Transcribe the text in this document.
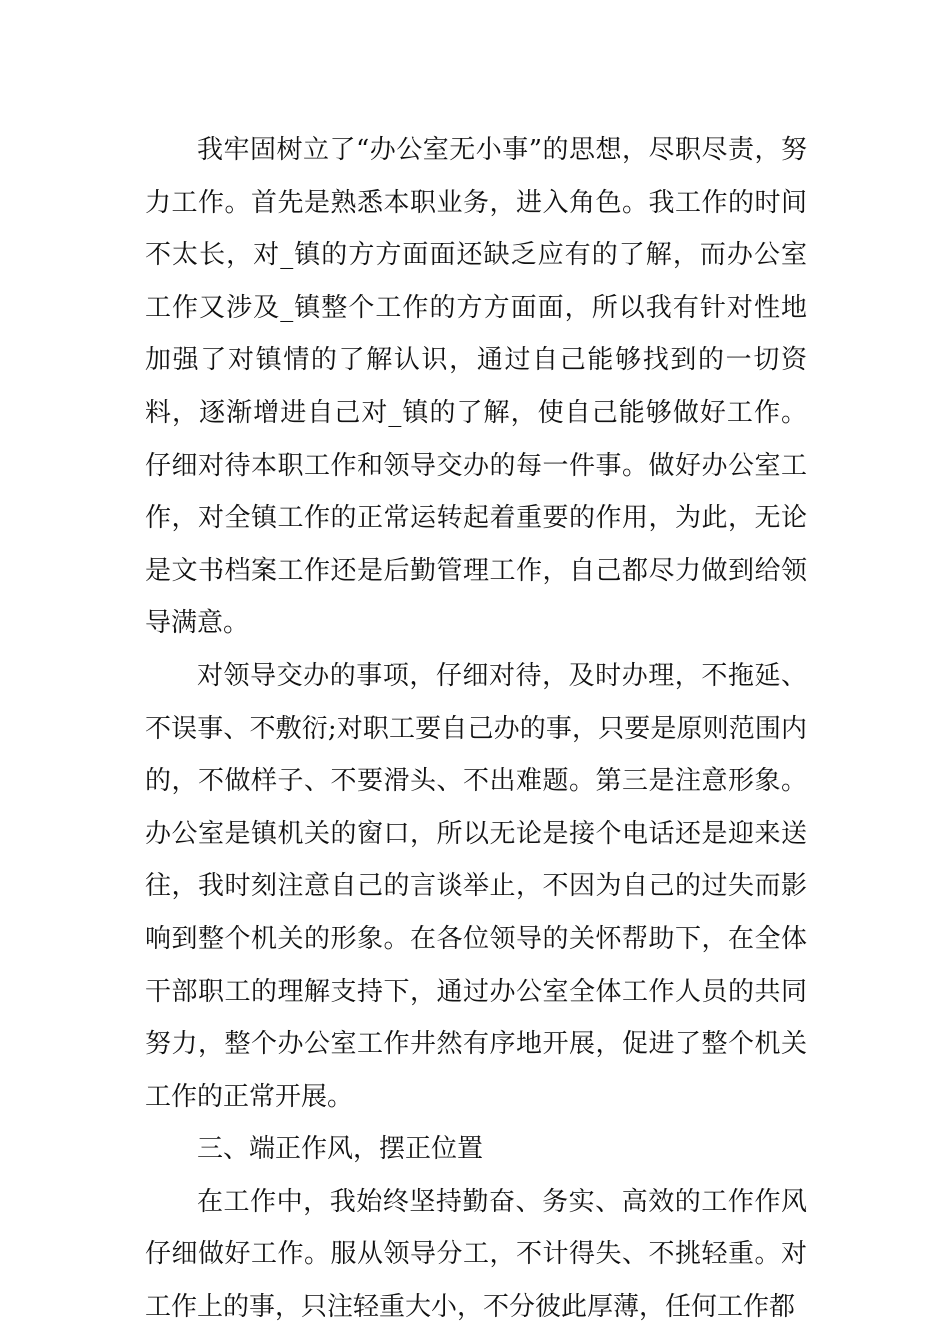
我牢固树立了“办公室无小事”的思想，尽职尽责，努力工作。首先是熟悉本职业务，进入角色。我工作的时间不太长，对_镇的方方面面还缺乏应有的了解，而办公室工作又涉及_镇整个工作的方方面面，所以我有针对性地加强了对镇情的了解认识，通过自己能够找到的一切资料，逐渐增进自己对_镇的了解，使自己能够做好工作。仔细对待本职工作和领导交办的每一件事。做好办公室工作，对全镇工作的正常运转起着重要的作用，为此，无论是文书档案工作还是后勤管理工作，自己都尽力做到给领导满意。

对领导交办的事项，仔细对待，及时办理，不拖延、不误事、不敷衍;对职工要自己办的事，只要是原则范围内的，不做样子、不要滑头、不出难题。第三是注意形象。办公室是镇机关的窗口，所以无论是接个电话还是迎来送往，我时刻注意自己的言谈举止，不因为自己的过失而影响到整个机关的形象。在各位领导的关怀帮助下，在全体干部职工的理解支持下，通过办公室全体工作人员的共同努力，整个办公室工作井然有序地开展，促进了整个机关工作的正常开展。

三、端正作风，摆正位置

在工作中，我始终坚持勤奋、务实、高效的工作作风仔细做好工作。服从领导分工，不计得失、不挑轻重。对工作上的事，只注轻重大小，不分彼此厚薄，任何工作都
